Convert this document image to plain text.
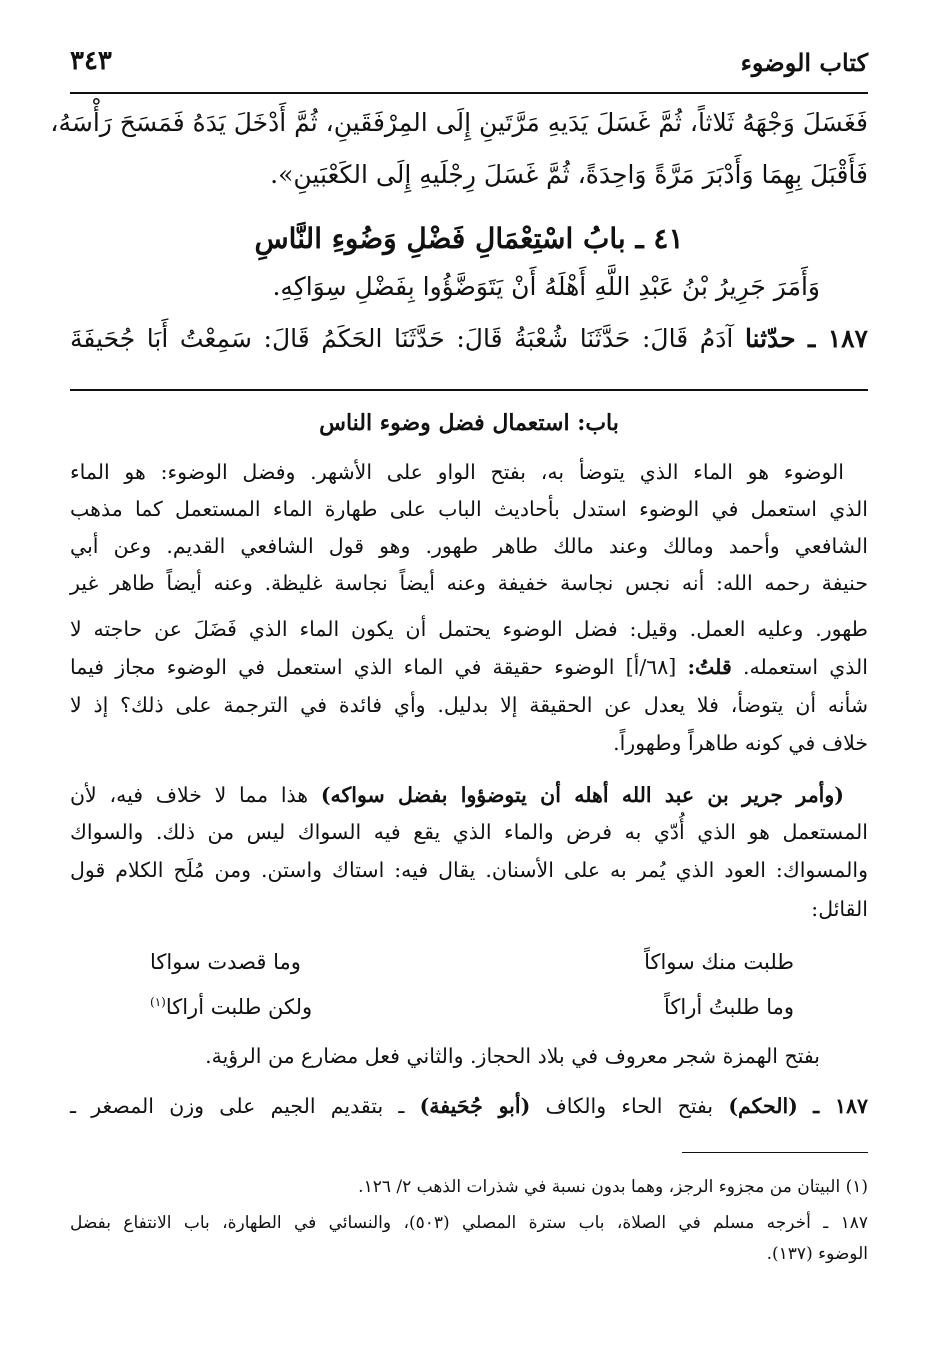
كتاب الوضوء
٣٤٣
فَغَسَلَ وَجْهَهُ ثَلاثاً، ثُمَّ غَسَلَ يَدَيهِ مَرَّتَينِ إِلَى المِرْفَقَينِ، ثُمَّ أَدْخَلَ يَدَهُ فَمَسَحَ رَأْسَهُ،
فَأَقْبَلَ بِهِمَا وَأَدْبَرَ مَرَّةً وَاحِدَةً، ثُمَّ غَسَلَ رِجْلَيهِ إِلَى الكَعْبَينِ».
٤١ ـ بابُ اسْتِعْمَالِ فَضْلِ وَضُوءِ النَّاسِ
وَأَمَرَ جَرِيرُ بْنُ عَبْدِ اللَّهِ أَهْلَهُ أَنْ يَتَوَضَّؤُوا بِفَضْلِ سِوَاكِهِ.
١٨٧ ـ حدّثنا آدَمُ قَالَ: حَدَّثَنَا شُعْبَةُ قَالَ: حَدَّثَنَا الحَكَمُ قَالَ: سَمِعْتُ أَبَا جُحَيفَةَ
باب: استعمال فضل وضوء الناس
الوضوء هو الماء الذي يتوضأ به، بفتح الواو على الأشهر. وفضل الوضوء: هو الماء
الذي استعمل في الوضوء استدل بأحاديث الباب على طهارة الماء المستعمل كما مذهب
الشافعي وأحمد ومالك وعند مالك طاهر طهور. وهو قول الشافعي القديم. وعن أبي
حنيفة رحمه الله: أنه نجس نجاسة خفيفة وعنه أيضاً نجاسة غليظة. وعنه أيضاً طاهر غير
طهور. وعليه العمل. وقيل: فضل الوضوء يحتمل أن يكون الماء الذي فَضَلَ عن حاجته لا
الذي استعمله. قلتُ: [٦٨/أ] الوضوء حقيقة في الماء الذي استعمل في الوضوء مجاز فيما
شأنه أن يتوضأ، فلا يعدل عن الحقيقة إلا بدليل. وأي فائدة في الترجمة على ذلك؟ إذ لا
خلاف في كونه طاهراً وطهوراً.
(وأمر جرير بن عبد الله أهله أن يتوضؤوا بفضل سواكه) هذا مما لا خلاف فيه، لأن
المستعمل هو الذي أُدّي به فرض والماء الذي يقع فيه السواك ليس من ذلك. والسواك
والمسواك: العود الذي يُمر به على الأسنان. يقال فيه: استاك واستن. ومن مُلَح الكلام قول
القائل:
طلبت منك سواكاً
وما قصدت سواكا
وما طلبتُ أراكاً
ولكن طلبت أراكا$^{(١)}$
بفتح الهمزة شجر معروف في بلاد الحجاز. والثاني فعل مضارع من الرؤية.
١٨٧ ـ (الحكم) بفتح الحاء والكاف (أبو جُحَيفة) ـ بتقديم الجيم على وزن المصغر ـ
(١) البيتان من مجزوء الرجز، وهما بدون نسبة في شذرات الذهب ٢/ ١٢٦.
١٨٧ ـ أخرجه مسلم في الصلاة، باب سترة المصلي (٥٠٣)، والنسائي في الطهارة، باب الانتفاع بفضل
الوضوء (١٣٧).
